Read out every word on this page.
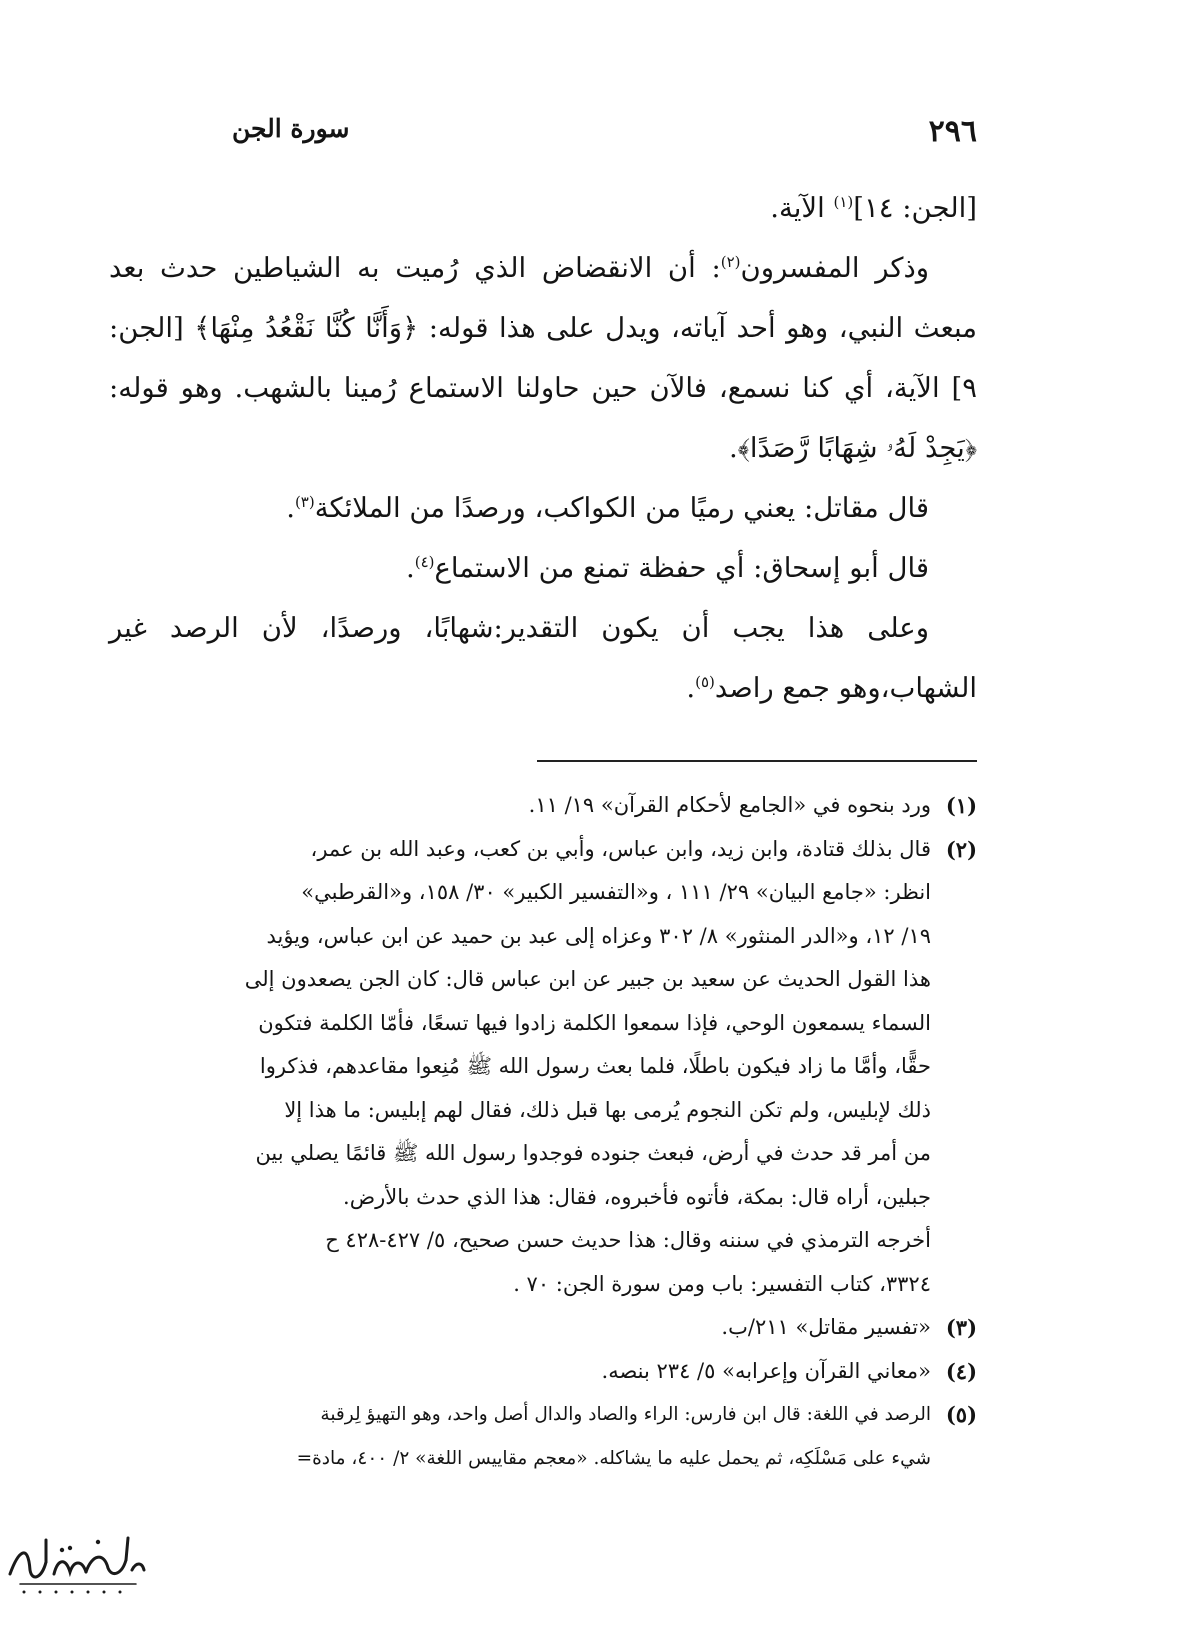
٢٩٦
سورة الجن

[الجن: ١٤]$^{(١)}$ الآية.

وذكر المفسرون$^{(٢)}$: أن الانقضاض الذي رُميت به الشياطين حدث بعد مبعث النبي، وهو أحد آياته، ويدل على هذا قوله: ﴿وَأَنَّا كُنَّا نَقْعُدُ مِنْهَا﴾ [الجن: ٩] الآية، أي كنا نسمع، فالآن حين حاولنا الاستماع رُمينا بالشهب. وهو قوله: ﴿يَجِدْ لَهُۥ شِهَابًا رَّصَدًا﴾.

قال مقاتل: يعني رميًا من الكواكب، ورصدًا من الملائكة$^{(٣)}$.

قال أبو إسحاق: أي حفظة تمنع من الاستماع$^{(٤)}$.

وعلى هذا يجب أن يكون التقدير:شهابًا، ورصدًا، لأن الرصد غير الشهاب،وهو جمع راصد$^{(٥)}$.

(١)
ورد بنحوه في «الجامع لأحكام القرآن» ١٩/ ١١.
(٢)
قال بذلك قتادة، وابن زيد، وابن عباس، وأبي بن كعب، وعبد الله بن عمر،
انظر: «جامع البيان» ٢٩/ ١١١ ، و«التفسير الكبير» ٣٠/ ١٥٨، و«القرطبي»
١٩/ ١٢، و«الدر المنثور» ٨/ ٣٠٢ وعزاه إلى عبد بن حميد عن ابن عباس، ويؤيد
هذا القول الحديث عن سعيد بن جبير عن ابن عباس قال: كان الجن يصعدون إلى
السماء يسمعون الوحي، فإذا سمعوا الكلمة زادوا فيها تسعًا، فأمّا الكلمة فتكون
حقًّا، وأمَّا ما زاد فيكون باطلًا، فلما بعث رسول الله ﷺ مُنِعوا مقاعدهم، فذكروا
ذلك لإبليس، ولم تكن النجوم يُرمى بها قبل ذلك، فقال لهم إبليس: ما هذا إلا
من أمر قد حدث في أرض، فبعث جنوده فوجدوا رسول الله ﷺ قائمًا يصلي بين
جبلين، أراه قال: بمكة، فأتوه فأخبروه، فقال: هذا الذي حدث بالأرض.
أخرجه الترمذي في سننه وقال: هذا حديث حسن صحيح، ٥/ ٤٢٧-٤٢٨ ح
٣٣٢٤، كتاب التفسير: باب ومن سورة الجن: ٧٠ .
(٣)
«تفسير مقاتل» ٢١١/ب.
(٤)
«معاني القرآن وإعرابه» ٥/ ٢٣٤ بنصه.
(٥)
الرصد في اللغة: قال ابن فارس: الراء والصاد والدال أصل واحد، وهو التهيؤ لِرقبة
شيء على مَسْلَكِه، ثم يحمل عليه ما يشاكله. «معجم مقاييس اللغة» ٢/ ٤٠٠، مادة=
